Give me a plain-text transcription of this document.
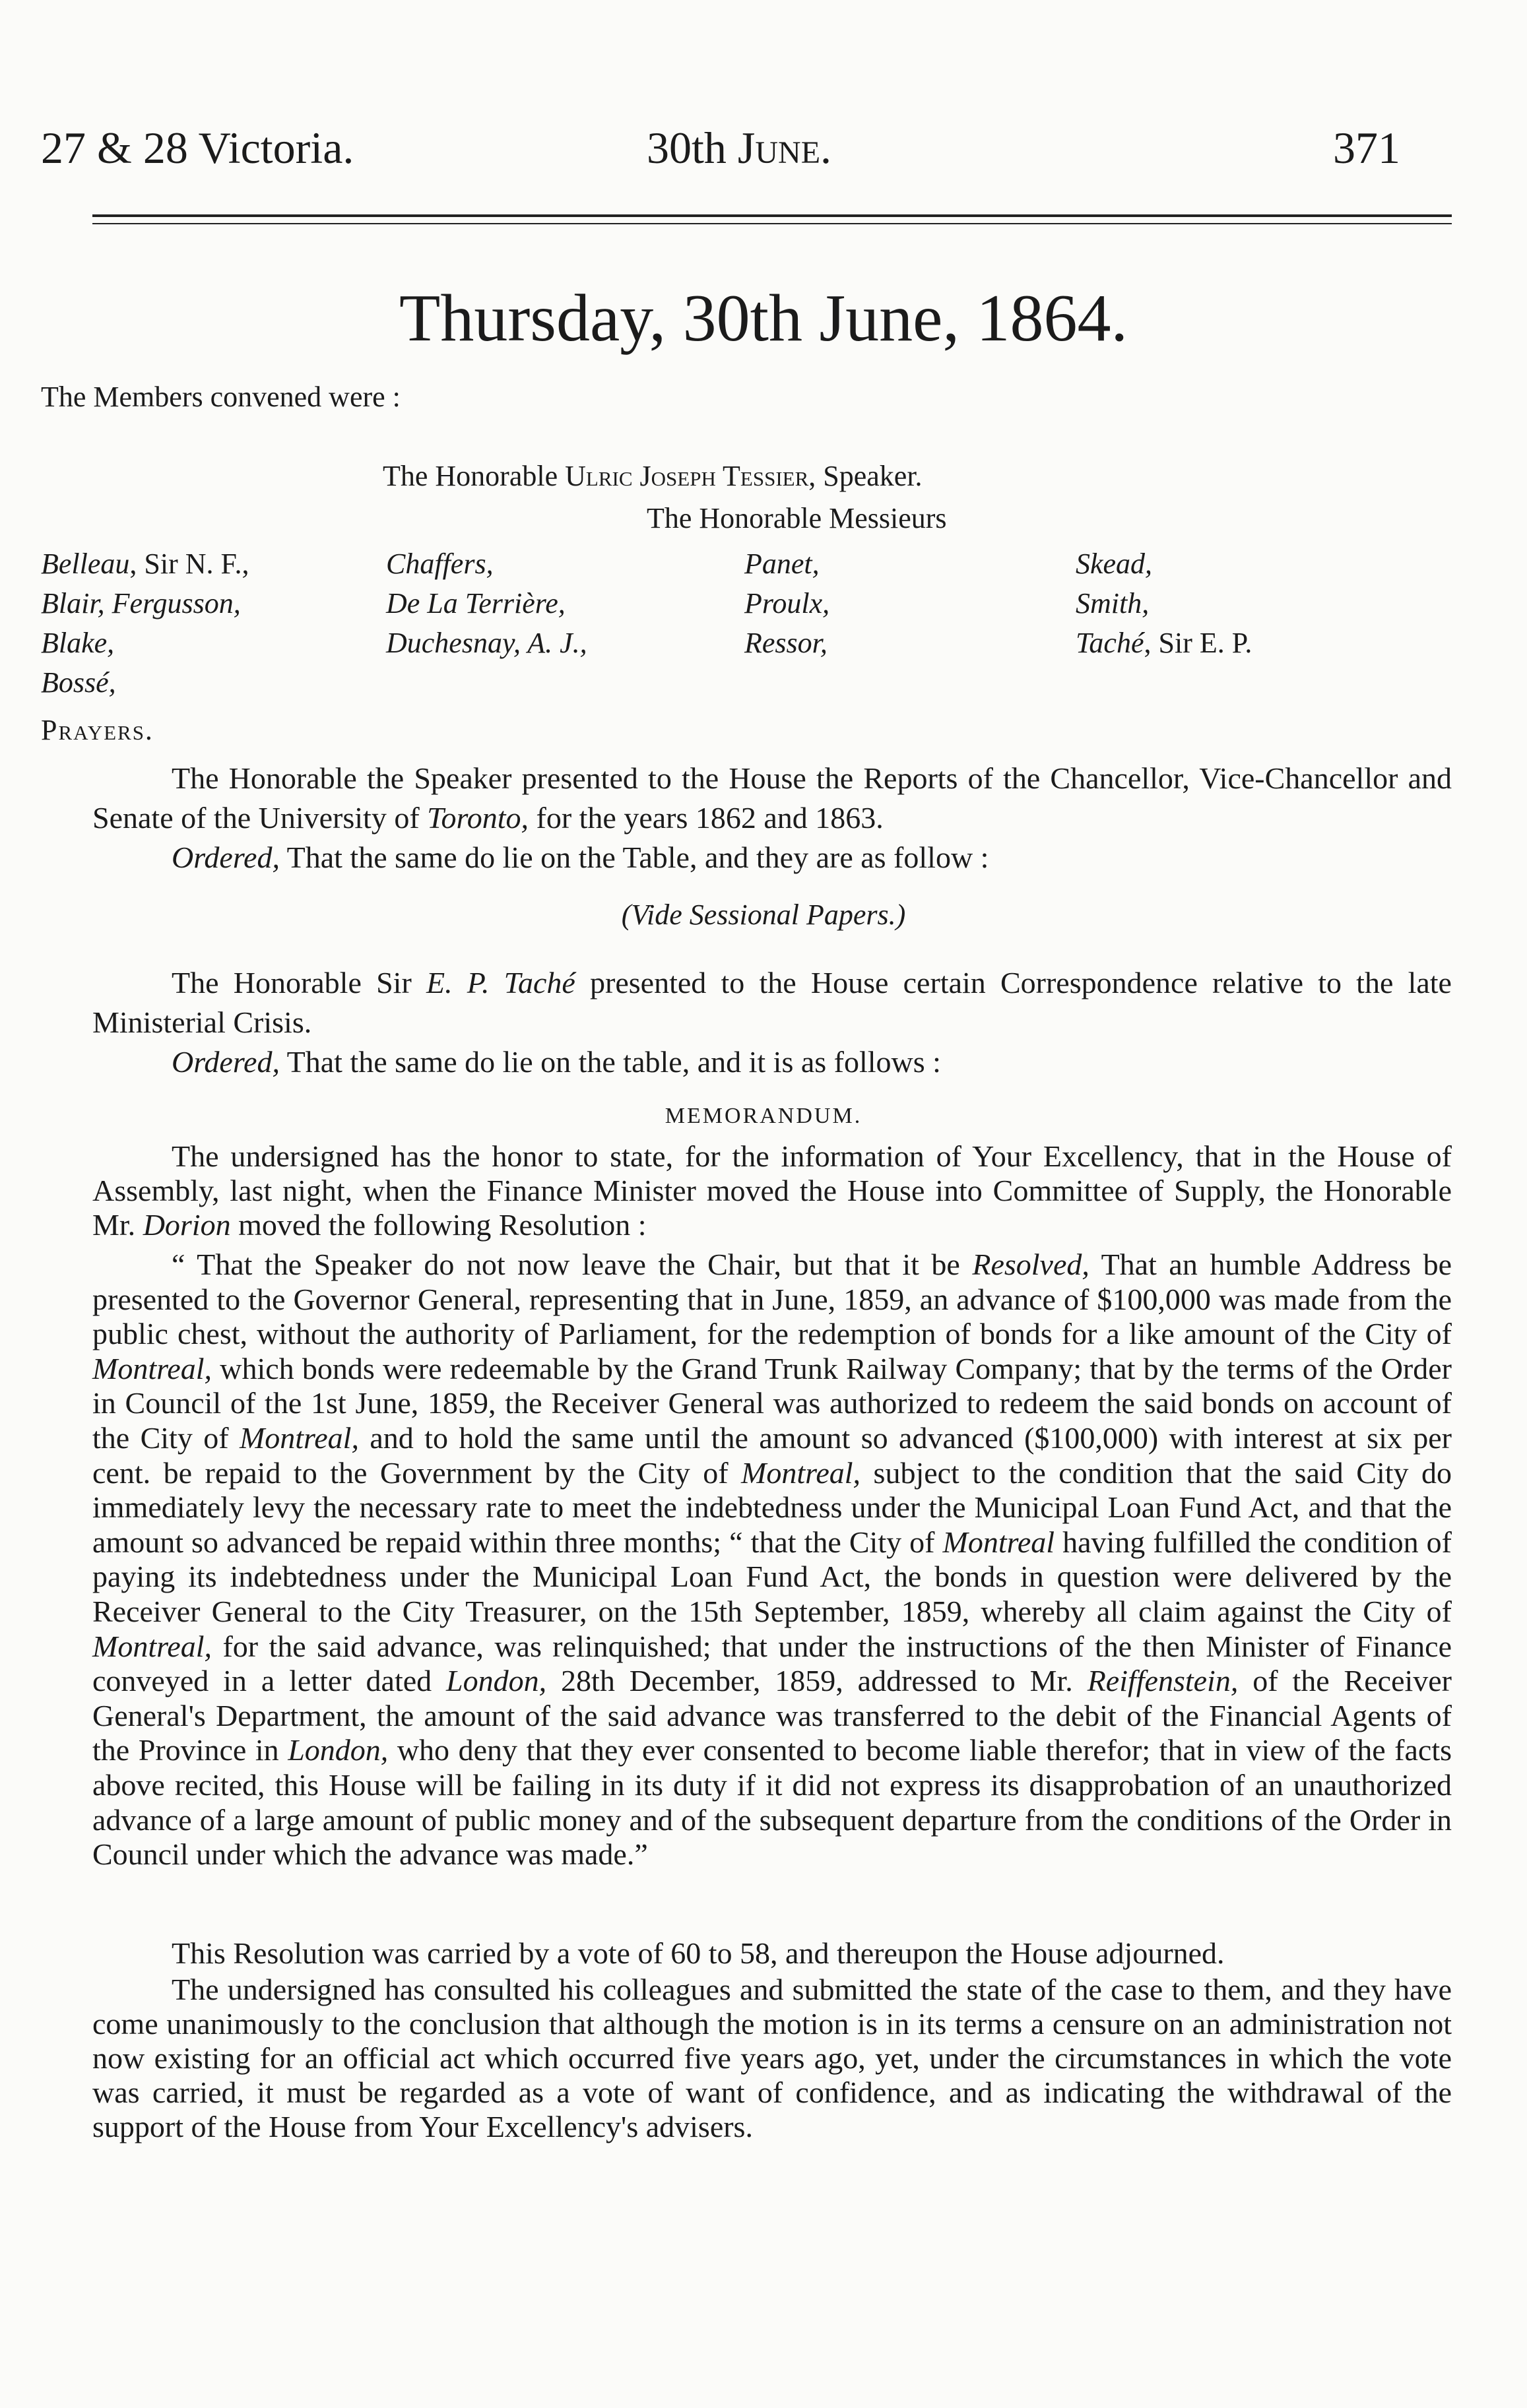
27 & 28 Victoria.	30th June.	371
Thursday, 30th June, 1864.
The Members convened were :
The Honorable Ulric Joseph Tessier, Speaker.
The Honorable Messieurs
Belleau, Sir N. F.,
Blair, Fergusson,
Blake,
Bossé,
Chaffers,
De La Terrière,
Duchesnay, A. J.,
Panet,
Proulx,
Ressor,
Skead,
Smith,
Taché, Sir E. P.
Prayers.
The Honorable the Speaker presented to the House the Reports of the Chancellor, Vice-Chancellor and Senate of the University of Toronto, for the years 1862 and 1863.
Ordered, That the same do lie on the Table, and they are as follow :
(Vide Sessional Papers.)
The Honorable Sir E. P. Taché presented to the House certain Correspondence relative to the late Ministerial Crisis.
Ordered, That the same do lie on the table, and it is as follows :
MEMORANDUM.
The undersigned has the honor to state, for the information of Your Excellency, that in the House of Assembly, last night, when the Finance Minister moved the House into Committee of Supply, the Honorable Mr. Dorion moved the following Resolution :
“ That the Speaker do not now leave the Chair, but that it be Resolved, That an humble Address be presented to the Governor General, representing that in June, 1859, an advance of $100,000 was made from the public chest, without the authority of Parliament, for the redemption of bonds for a like amount of the City of Montreal, which bonds were redeemable by the Grand Trunk Railway Company; that by the terms of the Order in Council of the 1st June, 1859, the Receiver General was authorized to redeem the said bonds on account of the City of Montreal, and to hold the same until the amount so advanced ($100,000) with interest at six per cent. be repaid to the Government by the City of Montreal, subject to the condition that the said City do immediately levy the necessary rate to meet the indebtedness under the Municipal Loan Fund Act, and that the amount so advanced be repaid within three months; “ that the City of Montreal having fulfilled the condition of paying its indebtedness under the Municipal Loan Fund Act, the bonds in question were delivered by the Receiver General to the City Treasurer, on the 15th September, 1859, whereby all claim against the City of Montreal, for the said advance, was relinquished; that under the instructions of the then Minister of Finance conveyed in a letter dated London, 28th December, 1859, addressed to Mr. Reiffenstein, of the Receiver General's Department, the amount of the said advance was transferred to the debit of the Financial Agents of the Province in London, who deny that they ever consented to become liable therefor; that in view of the facts above recited, this House will be failing in its duty if it did not express its disapprobation of an unauthorized advance of a large amount of public money and of the subsequent departure from the conditions of the Order in Council under which the advance was made.”
This Resolution was carried by a vote of 60 to 58, and thereupon the House adjourned.
The undersigned has consulted his colleagues and submitted the state of the case to them, and they have come unanimously to the conclusion that although the motion is in its terms a censure on an administration not now existing for an official act which occurred five years ago, yet, under the circumstances in which the vote was carried, it must be regarded as a vote of want of confidence, and as indicating the withdrawal of the support of the House from Your Excellency's advisers.
